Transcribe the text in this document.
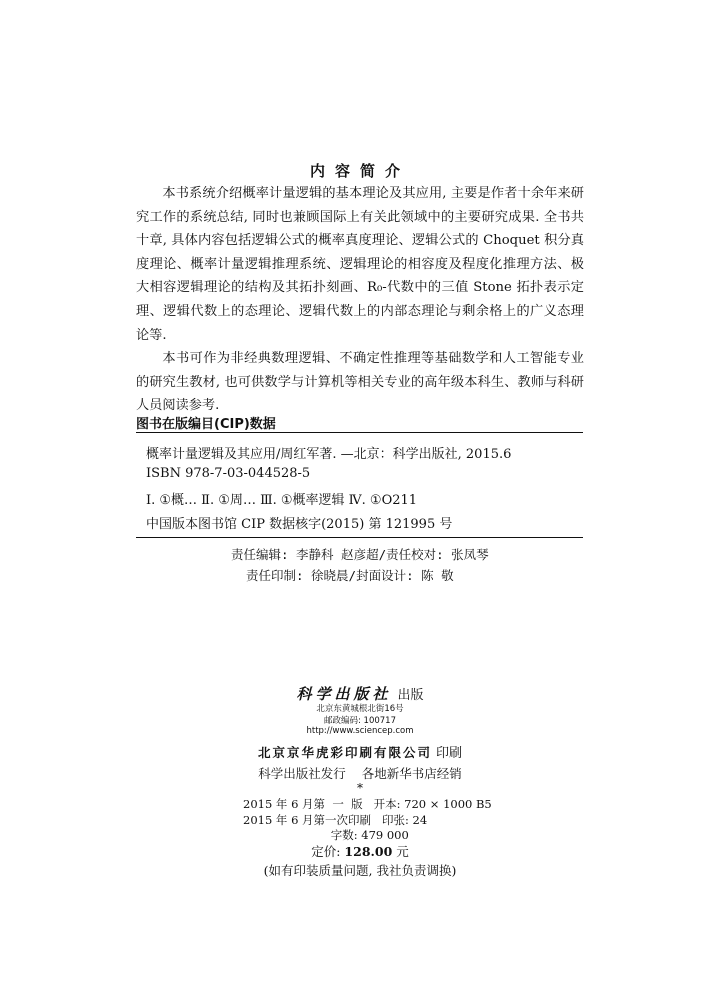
内容简介

本书系统介绍概率计量逻辑的基本理论及其应用, 主要是作者十余年来研究工作的系统总结, 同时也兼顾国际上有关此领域中的主要研究成果. 全书共十章, 具体内容包括逻辑公式的概率真度理论、逻辑公式的 Choquet 积分真度理论、概率计量逻辑推理系统、逻辑理论的相容度及程度化推理方法、极大相容逻辑理论的结构及其拓扑刻画、R₀-代数中的三值 Stone 拓扑表示定理、逻辑代数上的态理论、逻辑代数上的内部态理论与剩余格上的广义态理论等.

本书可作为非经典数理逻辑、不确定性推理等基础数学和人工智能专业的研究生教材, 也可供数学与计算机等相关专业的高年级本科生、教师与科研人员阅读参考.

图书在版编目(CIP)数据
概率计量逻辑及其应用/周红军著. —北京：科学出版社, 2015.6
ISBN 978-7-03-044528-5
Ⅰ. ①概… Ⅱ. ①周… Ⅲ. ①概率逻辑 Ⅳ. ①O211
中国版本图书馆 CIP 数据核字(2015) 第 121995 号
责任编辑: 李静科 赵彦超/责任校对: 张凤琴
责任印制: 徐晓晨/封面设计: 陈 敬
科学出版社 出版
北京东黄城根北街16号
邮政编码: 100717
http://www.sciencep.com
北京京华虎彩印刷有限公司 印刷
科学出版社发行    各地新华书店经销
*
2015 年 6 月第  一  版   开本: 720 × 1000 B5
2015 年 6 月第一次印刷   印张: 24
字数: 479 000
定价: 128.00 元
(如有印装质量问题, 我社负责调换)
